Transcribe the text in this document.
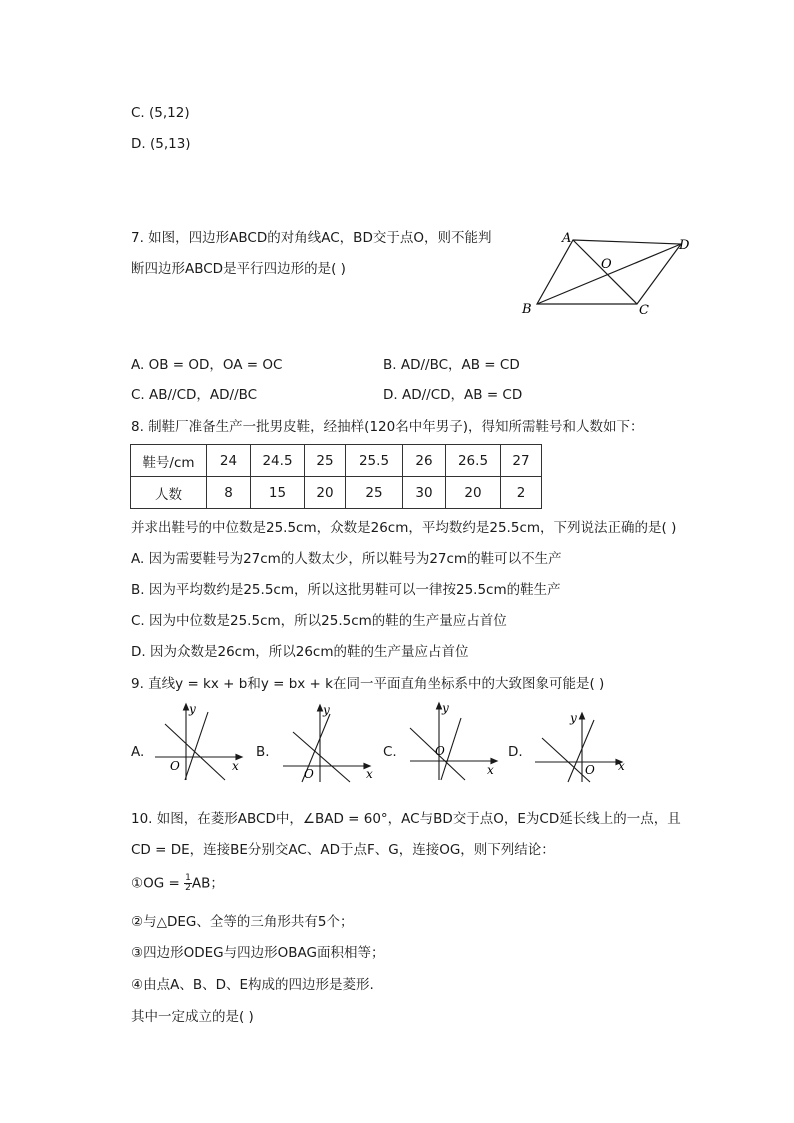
C. (5,12)
D. (5,13)
7. 如图，四边形ABCD的对角线AC，BD交于点O，则不能判
断四边形ABCD是平行四边形的是( )
A
B	C
D
O
A. OB = OD，OA = OC	B. AD//BC，AB = CD
C. AB//CD，AD//BC	D. AD//CD，AB = CD
8. 制鞋厂准备生产一批男皮鞋，经抽样(120名中年男子)，得知所需鞋号和人数如下：
鞋号/cm	24	24.5	25	25.5	26	26.5	27
人数	8	15	20	25	30	20	2
并求出鞋号的中位数是25.5cm，众数是26cm，平均数约是25.5cm，下列说法正确的是( )
A. 因为需要鞋号为27cm的人数太少，所以鞋号为27cm的鞋可以不生产
B. 因为平均数约是25.5cm，所以这批男鞋可以一律按25.5cm的鞋生产
C. 因为中位数是25.5cm，所以25.5cm的鞋的生产量应占首位
D. 因为众数是26cm，所以26cm的鞋的生产量应占首位
9. 直线y = kx + b和y = bx + k在同一平面直角坐标系中的大致图象可能是( )
A.
y
x
O
B.
y
x
O
C.
y
x
O	D.
y
x
O
10. 如图，在菱形ABCD中，∠BAD = 60°，AC与BD交于点O，E为CD延长线上的一点，且
CD = DE，连接BE分别交AC、AD于点F、G，连接OG，则下列结论：
①OG = $\frac{1}{2}$ AB；
②与△DEG、全等的三角形共有5个；
③四边形ODEG与四边形OBAG面积相等；
④由点A、B、D、E构成的四边形是菱形.
其中一定成立的是( )
